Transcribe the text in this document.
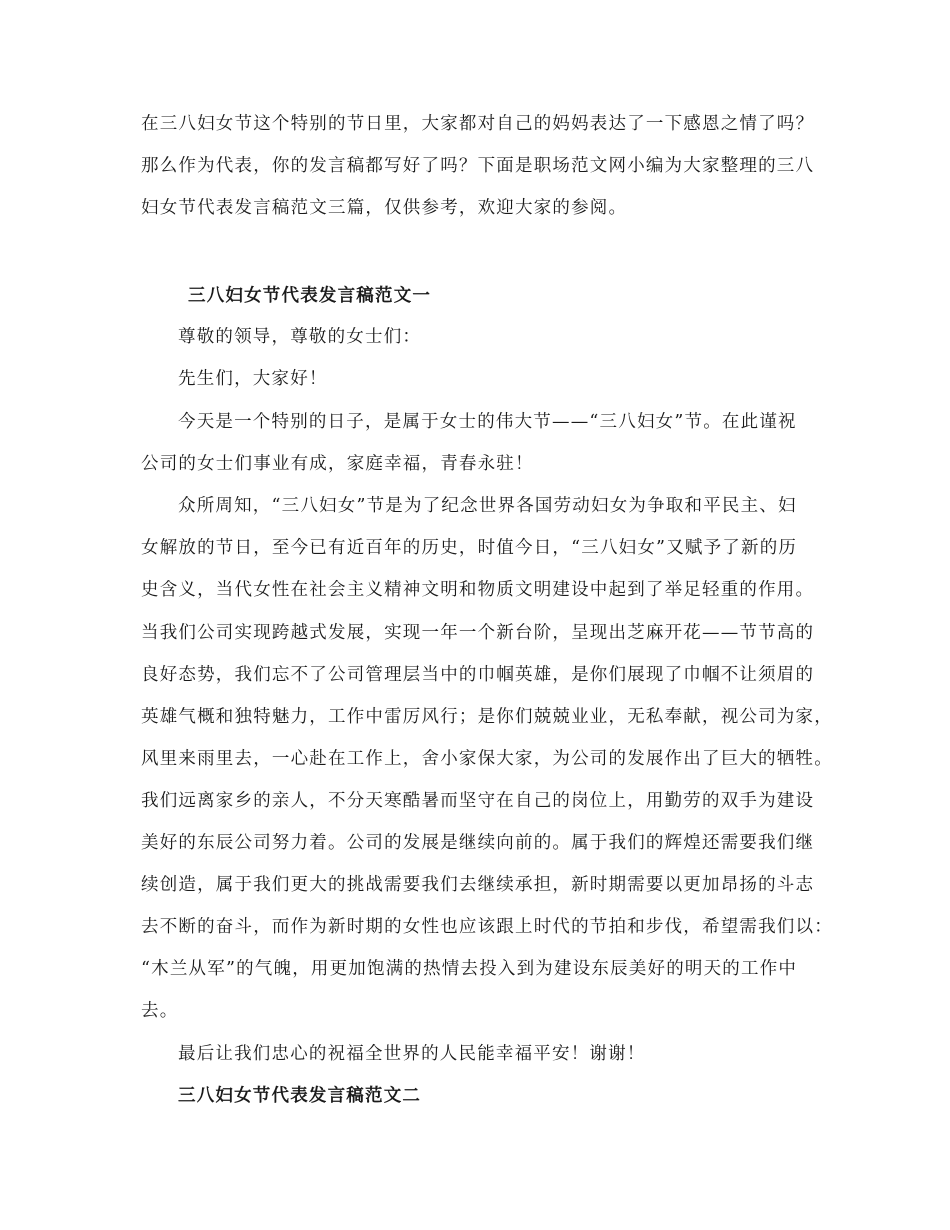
在三八妇女节这个特别的节日里，大家都对自己的妈妈表达了一下感恩之情了吗？
那么作为代表，你的发言稿都写好了吗？下面是职场范文网小编为大家整理的三八
妇女节代表发言稿范文三篇，仅供参考，欢迎大家的参阅。
三八妇女节代表发言稿范文一
尊敬的领导，尊敬的女士们：
先生们，大家好！
今天是一个特别的日子，是属于女士的伟大节——“三八妇女”节。在此谨祝
公司的女士们事业有成，家庭幸福，青春永驻！
众所周知，“三八妇女”节是为了纪念世界各国劳动妇女为争取和平民主、妇
女解放的节日，至今已有近百年的历史，时值今日，“三八妇女”又赋予了新的历
史含义，当代女性在社会主义精神文明和物质文明建设中起到了举足轻重的作用。
当我们公司实现跨越式发展，实现一年一个新台阶，呈现出芝麻开花——节节高的
良好态势，我们忘不了公司管理层当中的巾帼英雄，是你们展现了巾帼不让须眉的
英雄气概和独特魅力，工作中雷厉风行；是你们兢兢业业，无私奉献，视公司为家，
风里来雨里去，一心赴在工作上，舍小家保大家，为公司的发展作出了巨大的牺牲。
我们远离家乡的亲人，不分天寒酷暑而坚守在自己的岗位上，用勤劳的双手为建设
美好的东辰公司努力着。公司的发展是继续向前的。属于我们的辉煌还需要我们继
续创造，属于我们更大的挑战需要我们去继续承担，新时期需要以更加昂扬的斗志
去不断的奋斗，而作为新时期的女性也应该跟上时代的节拍和步伐，希望需我们以：
“木兰从军”的气魄，用更加饱满的热情去投入到为建设东辰美好的明天的工作中
去。
最后让我们忠心的祝福全世界的人民能幸福平安！谢谢！
三八妇女节代表发言稿范文二
